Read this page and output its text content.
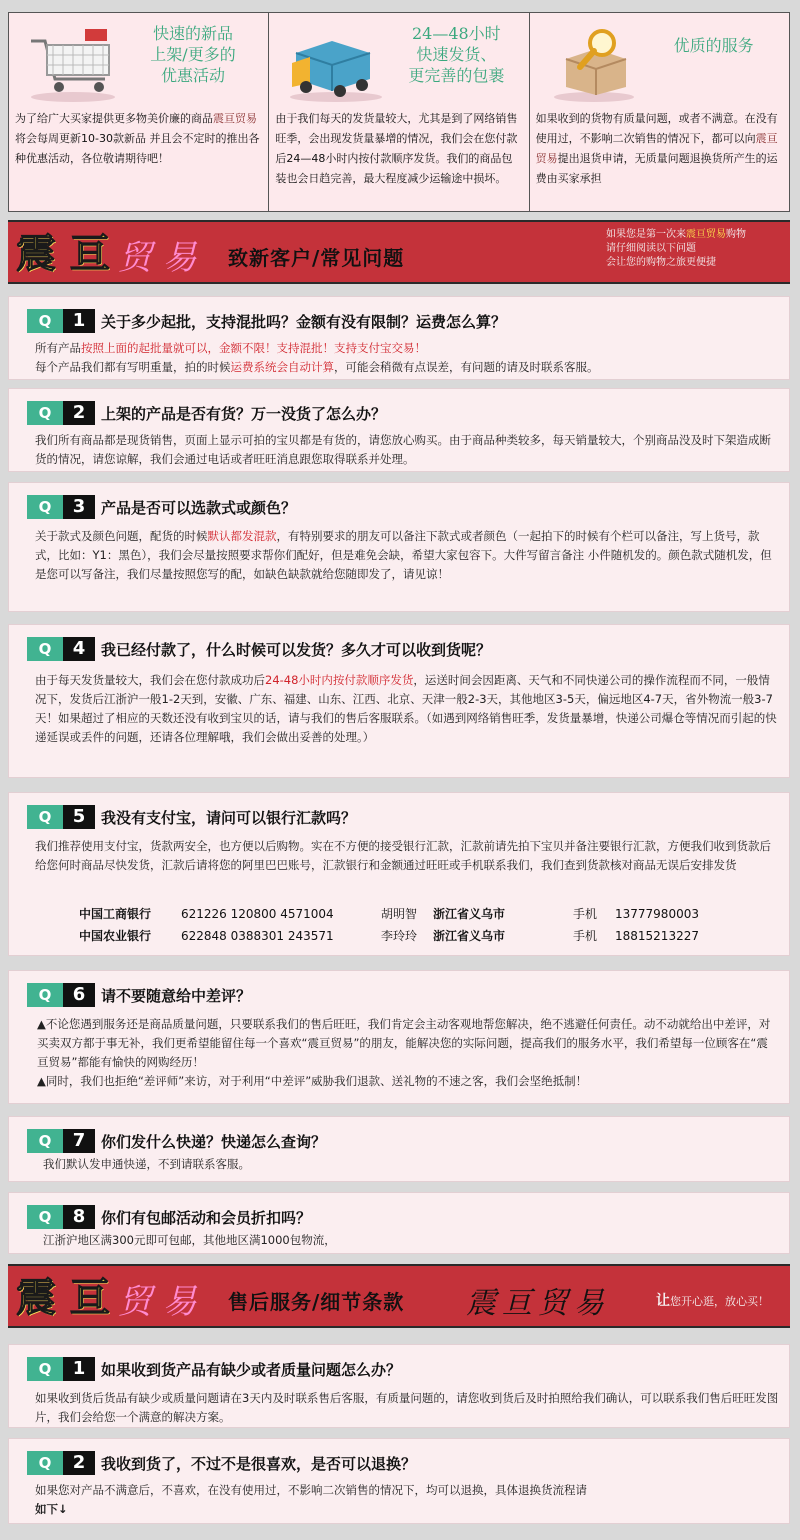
快速的新品
上架/更多的
优惠活动
为了给广大买家提供更多物美价廉的商品震亘贸易将会每周更新10-30款新品 并且会不定时的推出各种优惠活动，各位敬请期待吧！
24—48小时
快速发货、
更完善的包裹
由于我们每天的发货量较大，尤其是到了网络销售旺季，会出现发货量暴增的情况，我们会在您付款后24—48小时内按付款顺序发货。我们的商品包装也会日趋完善，最大程度减少运输途中损坏。
优质的服务
如果收到的货物有质量问题，或者不满意。在没有使用过，不影响二次销售的情况下，都可以向震亘贸易提出退货申请，无质量问题退换货所产生的运费由买家承担
震 亘 贸 易 致新客户/常见问题
如果您是第一次来震亘贸易购物
请仔细阅读以下问题
会让您的购物之旅更便捷
Q	1	关于多少起批，支持混批吗？金额有没有限制？运费怎么算？
所有产品按照上面的起批量就可以，金额不限！支持混批！支持支付宝交易！
每个产品我们都有写明重量，拍的时候运费系统会自动计算，可能会稍微有点误差，有问题的请及时联系客服。
Q	2	上架的产品是否有货？万一没货了怎么办？
我们所有商品都是现货销售，页面上显示可拍的宝贝都是有货的，请您放心购买。由于商品种类较多，每天销量较大，个别商品没及时下架造成断货的情况，请您谅解，我们会通过电话或者旺旺消息跟您取得联系并处理。
Q	3	产品是否可以选款式或颜色？
关于款式及颜色问题，配货的时候默认都发混款，有特别要求的朋友可以备注下款式或者颜色（一起拍下的时候有个栏可以备注，写上货号，款式，比如：Y1：黑色），我们会尽量按照要求帮你们配好，但是难免会缺，希望大家包容下。大件写留言备注 小件随机发的。颜色款式随机发，但是您可以写备注，我们尽量按照您写的配，如缺色缺款就给您随即发了，请见谅！
Q	4	我已经付款了，什么时候可以发货？多久才可以收到货呢？
由于每天发货量较大，我们会在您付款成功后24-48小时内按付款顺序发货，运送时间会因距离、天气和不同快递公司的操作流程而不同，一般情况下，发货后江浙沪一般1-2天到，安徽、广东、福建、山东、江西、北京、天津一般2-3天，其他地区3-5天，偏远地区4-7天，省外物流一般3-7天！如果超过了相应的天数还没有收到宝贝的话，请与我们的售后客服联系。（如遇到网络销售旺季，发货量暴增，快递公司爆仓等情况而引起的快递延误或丢件的问题，还请各位理解哦，我们会做出妥善的处理。）
Q	5	我没有支付宝，请问可以银行汇款吗？
我们推荐使用支付宝，货款两安全，也方便以后购物。实在不方便的接受银行汇款，汇款前请先拍下宝贝并备注要银行汇款，方便我们收到货款后给您何时商品尽快发货，汇款后请将您的阿里巴巴账号，汇款银行和金额通过旺旺或手机联系我们，我们查到货款核对商品无误后安排发货
中国工商银行 621226 120800 4571004	胡明智 浙江省义乌市	手机 13777980003
中国农业银行 622848 0388301 243571	李玲玲 浙江省义乌市	手机 18815213227
Q	6	请不要随意给中差评？
▲不论您遇到服务还是商品质量问题，只要联系我们的售后旺旺，我们肯定会主动客观地帮您解决，绝不逃避任何责任。动不动就给出中差评，对买卖双方都于事无补，我们更希望能留住每一个喜欢“震亘贸易”的朋友，能解决您的实际问题，提高我们的服务水平，我们希望每一位顾客在“震亘贸易”都能有愉快的网购经历！
▲同时，我们也拒绝“差评师”来访，对于利用“中差评”威胁我们退款、送礼物的不速之客，我们会坚绝抵制！
Q	7	你们发什么快递？快递怎么查询？
我们默认发申通快递，不到请联系客服。
Q	8	你们有包邮活动和会员折扣吗？
江浙沪地区满300元即可包邮，其他地区满1000包物流，
震 亘 贸 易 售后服务/细节条款 震亘贸易	让您开心逛，放心买！
Q	1	如果收到货产品有缺少或者质量问题怎么办？
如果收到货后货品有缺少或质量问题请在3天内及时联系售后客服，有质量问题的，请您收到货后及时拍照给我们确认，可以联系我们售后旺旺发图片，我们会给您一个满意的解决方案。
Q	2	我收到货了，不过不是很喜欢，是否可以退换？
如果您对产品不满意后，不喜欢，在没有使用过，不影响二次销售的情况下，均可以退换，具体退换货流程请
如下↓
